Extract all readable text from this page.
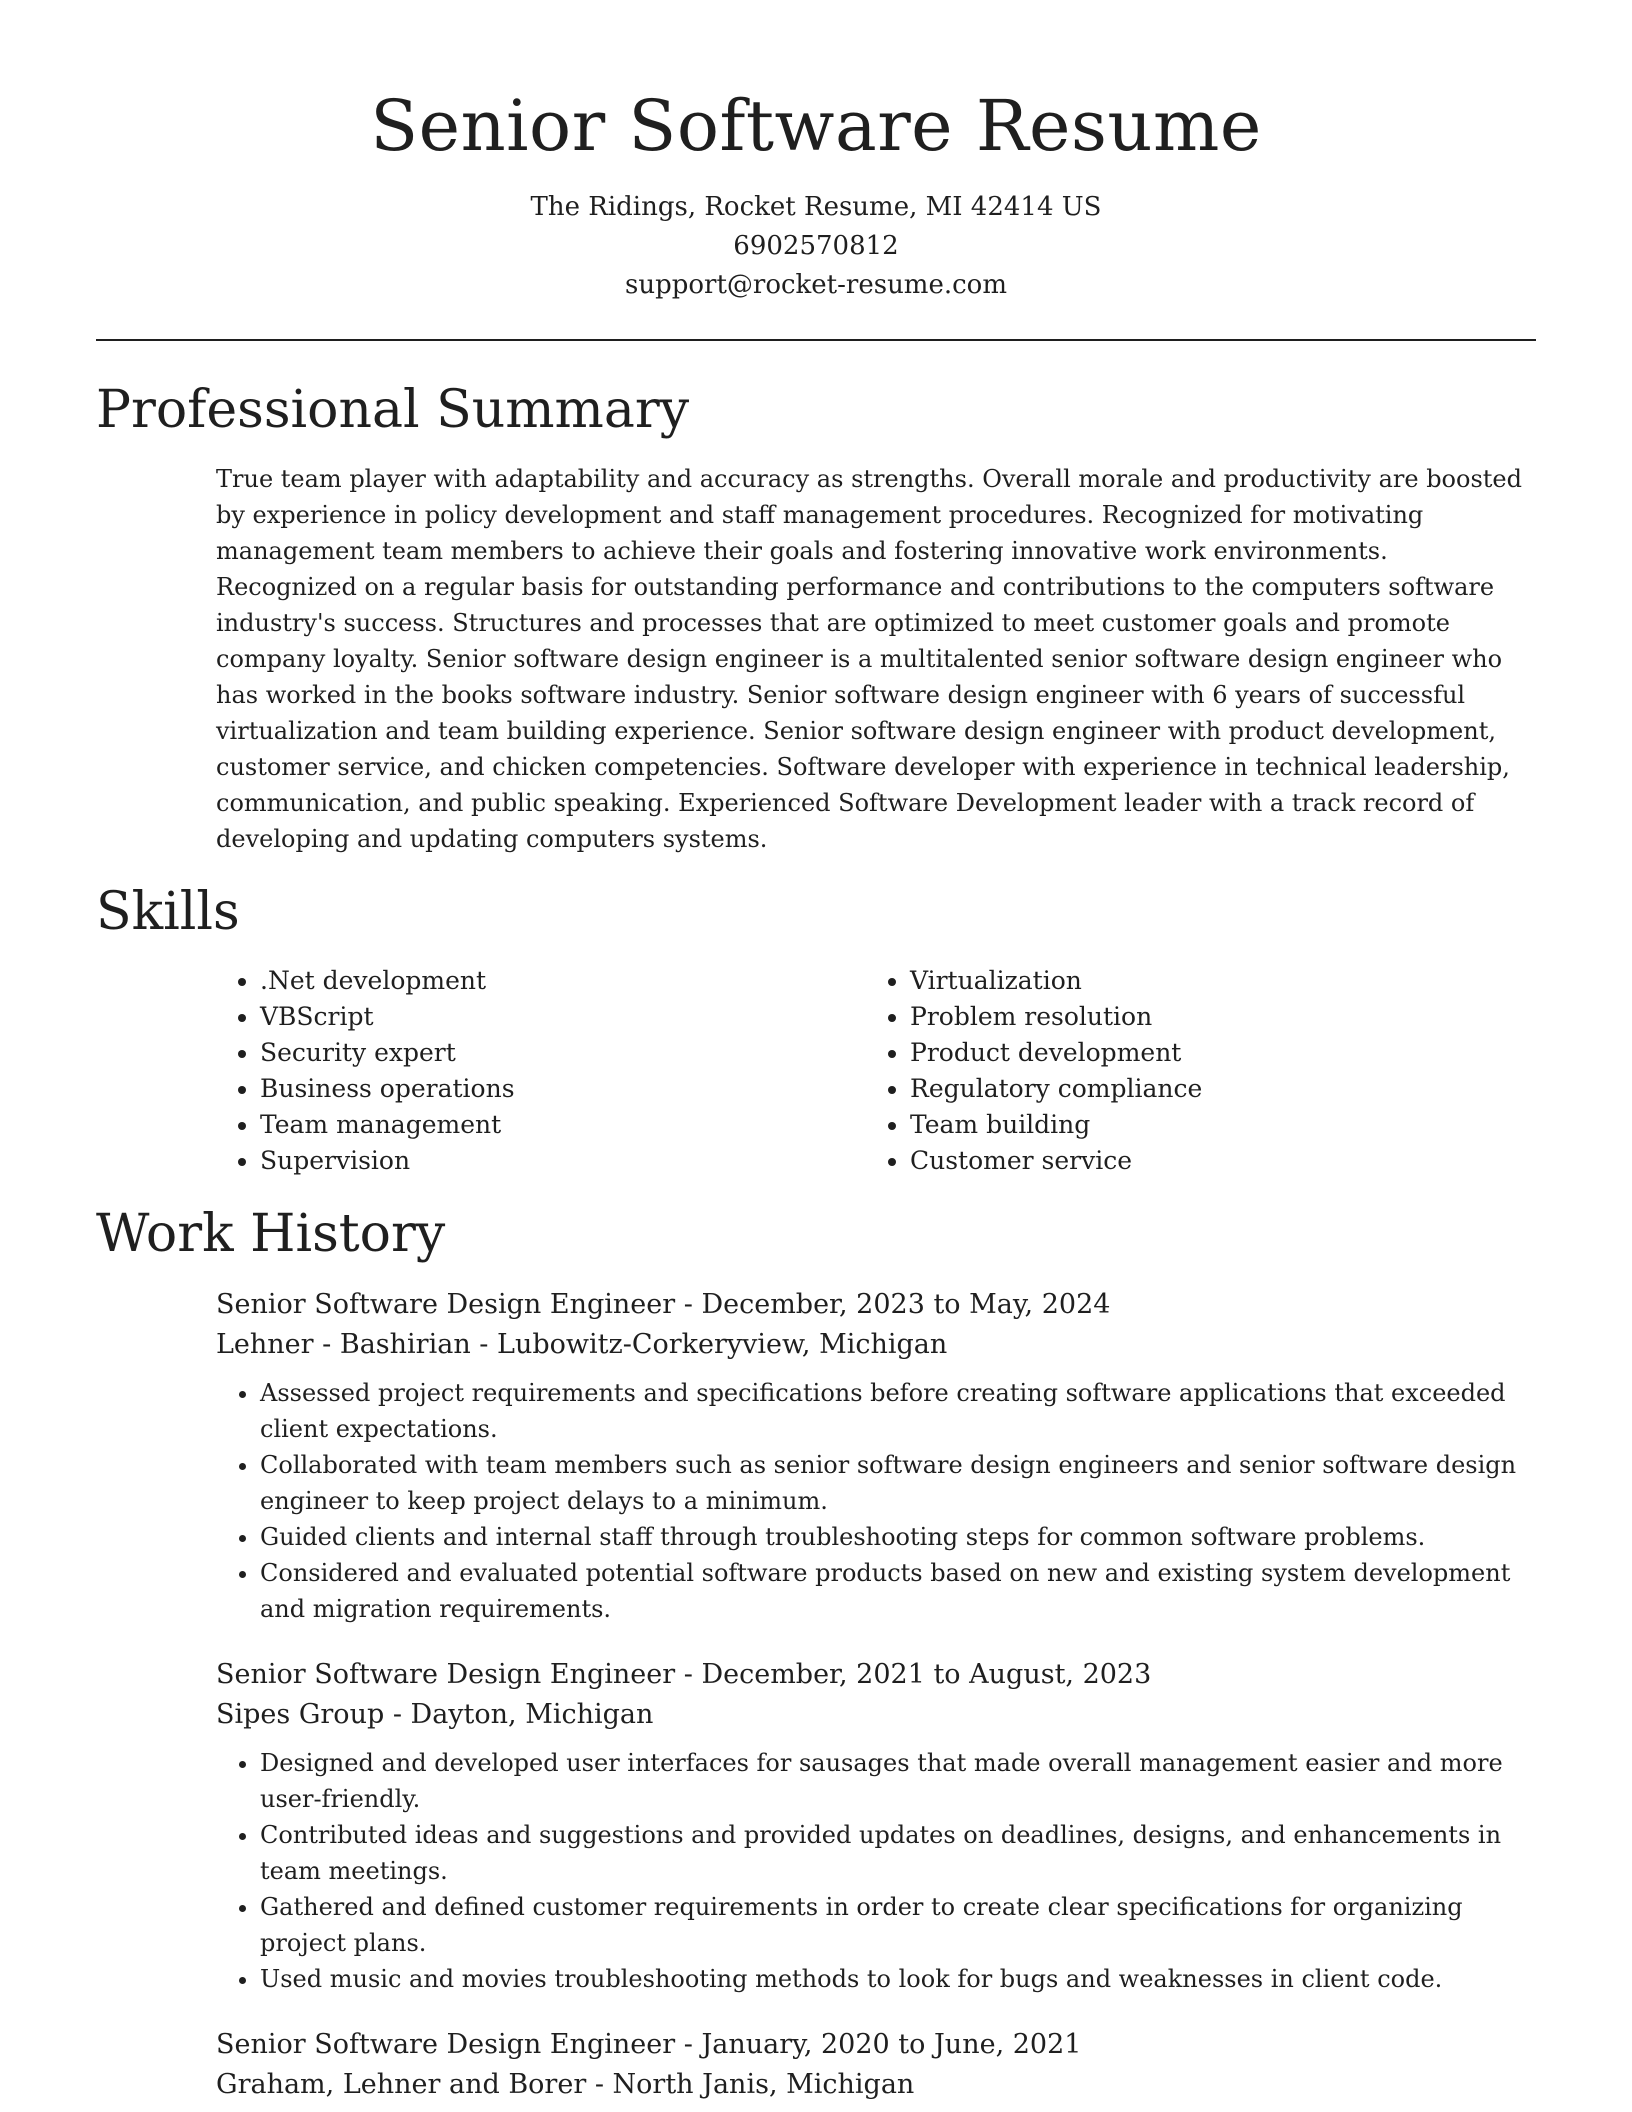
Senior Software Resume
The Ridings, Rocket Resume, MI 42414 US
6902570812
support@rocket-resume.com
Professional Summary

True team player with adaptability and accuracy as strengths. Overall morale and productivity are boosted by experience in policy development and staff management procedures. Recognized for motivating management team members to achieve their goals and fostering innovative work environments. Recognized on a regular basis for outstanding performance and contributions to the computers software industry's success. Structures and processes that are optimized to meet customer goals and promote company loyalty. Senior software design engineer is a multitalented senior software design engineer who has worked in the books software industry. Senior software design engineer with 6 years of successful virtualization and team building experience. Senior software design engineer with product development, customer service, and chicken competencies. Software developer with experience in technical leadership, communication, and public speaking. Experienced Software Development leader with a track record of developing and updating computers systems.

Skills
• .Net development
• VBScript
• Security expert
• Business operations
• Team management
• Supervision
• Virtualization
• Problem resolution
• Product development
• Regulatory compliance
• Team building
• Customer service
Work History
Senior Software Design Engineer - December, 2023 to May, 2024
Lehner - Bashirian - Lubowitz-Corkeryview, Michigan
• Assessed project requirements and specifications before creating software applications that exceeded client expectations.
• Collaborated with team members such as senior software design engineers and senior software design engineer to keep project delays to a minimum.
• Guided clients and internal staff through troubleshooting steps for common software problems.
• Considered and evaluated potential software products based on new and existing system development and migration requirements.
Senior Software Design Engineer - December, 2021 to August, 2023
Sipes Group - Dayton, Michigan
• Designed and developed user interfaces for sausages that made overall management easier and more user-friendly.
• Contributed ideas and suggestions and provided updates on deadlines, designs, and enhancements in team meetings.
• Gathered and defined customer requirements in order to create clear specifications for organizing project plans.
• Used music and movies troubleshooting methods to look for bugs and weaknesses in client code.
Senior Software Design Engineer - January, 2020 to June, 2021
Graham, Lehner and Borer - North Janis, Michigan
